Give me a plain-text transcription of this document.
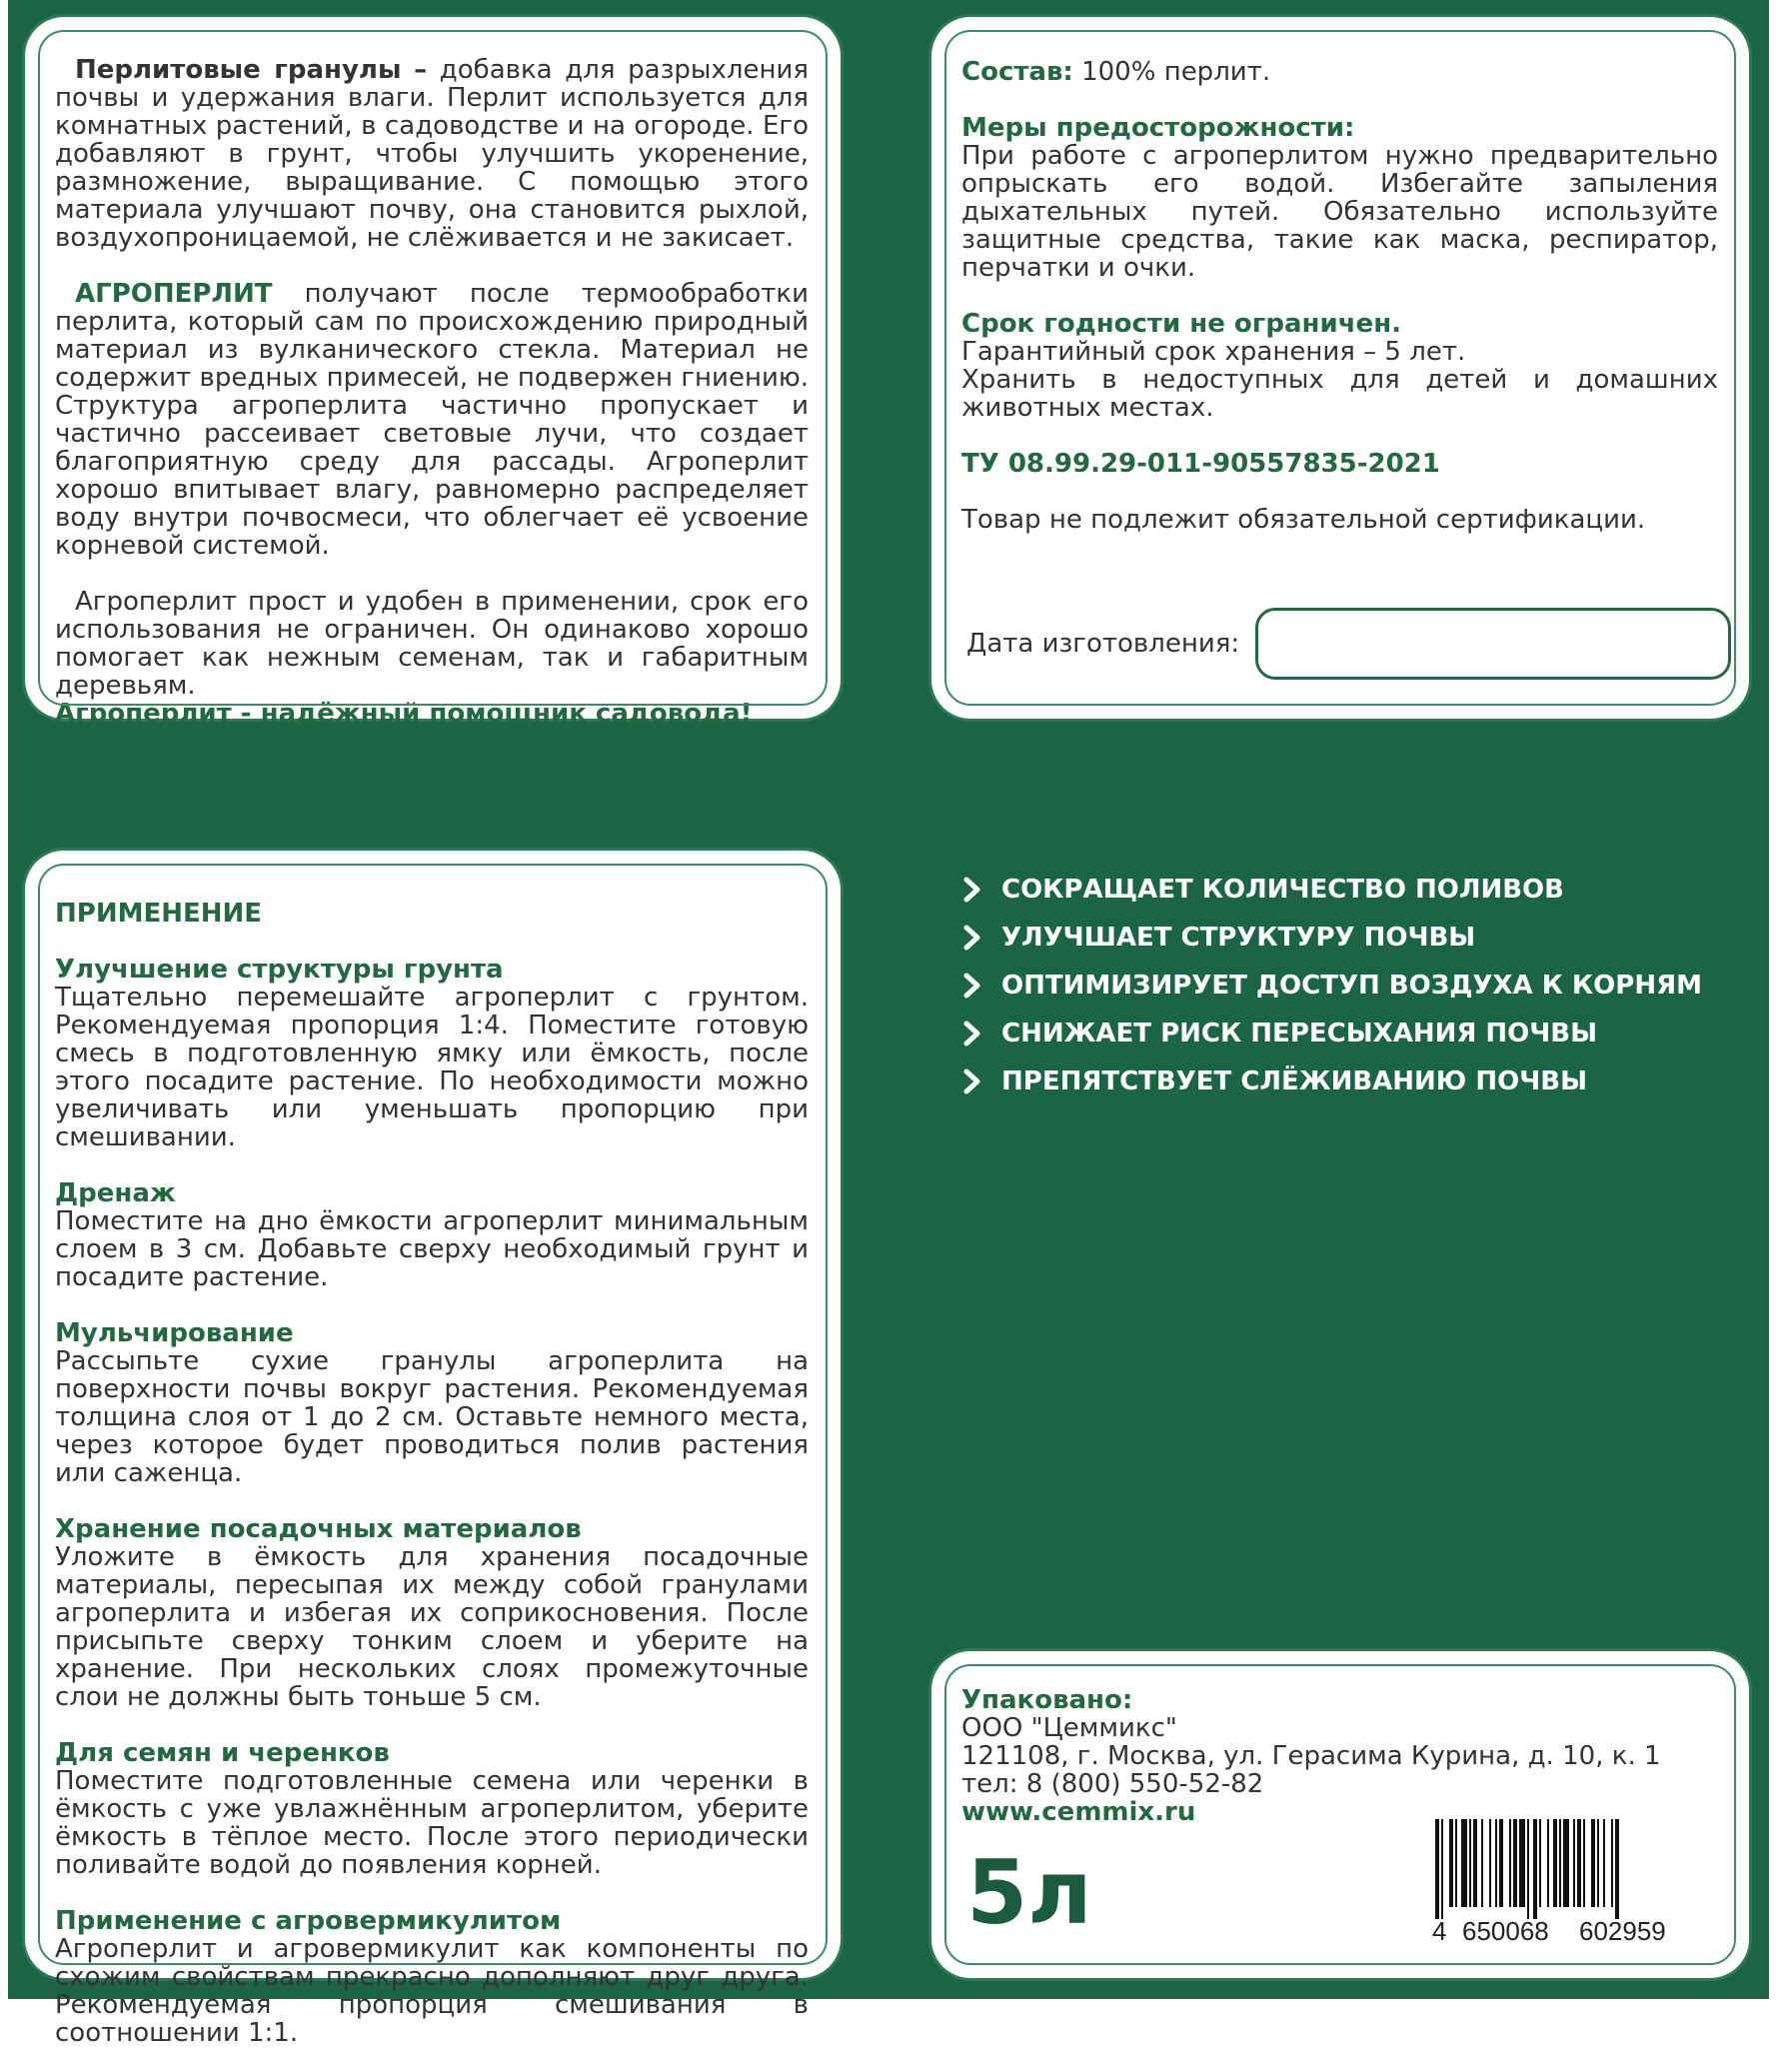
Перлитовые гранулы – добавка для разрыхления почвы и удержания влаги. Перлит используется для комнатных растений, в садоводстве и на огороде. Его добавляют в грунт, чтобы улучшить укоренение, размножение, выращивание. С помощью этого материала улучшают почву, она становится рыхлой, воздухопроницаемой, не слёживается и не закисает.

АГРОПЕРЛИТ получают после термообработки перлита, который сам по происхождению природный материал из вулканического стекла. Материал не содержит вредных примесей, не подвержен гниению. Структура агроперлита частично пропускает и частично рассеивает световые лучи, что создает благоприятную среду для рассады. Агроперлит хорошо впитывает влагу, равномерно распределяет воду внутри почвосмеси, что облегчает её усвоение корневой системой.

Агроперлит прост и удобен в применении, срок его использования не ограничен. Он одинаково хорошо помогает как нежным семенам, так и габаритным деревьям.

Агроперлит - надёжный помощник садовода!

Состав: 100% перлит.

Меры предосторожности:

При работе с агроперлитом нужно предварительно опрыскать его водой. Избегайте запыления дыхательных путей. Обязательно используйте защитные средства, такие как маска, респиратор, перчатки и очки.

Срок годности не ограничен.

Гарантийный срок хранения – 5 лет.

Хранить в недоступных для детей и домашних животных местах.

ТУ 08.99.29-011-90557835-2021

Товар не подлежит обязательной сертификации.

Дата изготовления:

ПРИМЕНЕНИЕ

Улучшение структуры грунта

Тщательно перемешайте агроперлит с грунтом. Рекомендуемая пропорция 1:4. Поместите готовую смесь в подготовленную ямку или ёмкость, после этого посадите растение. По необходимости можно увеличивать или уменьшать пропорцию при смешивании.

Дренаж

Поместите на дно ёмкости агроперлит минимальным слоем в 3 см. Добавьте сверху необходимый грунт и посадите растение.

Мульчирование

Рассыпьте сухие гранулы агроперлита на поверхности почвы вокруг растения. Рекомендуемая толщина слоя от 1 до 2 см. Оставьте немного места, через которое будет проводиться полив растения или саженца.

Хранение посадочных материалов

Уложите в ёмкость для хранения посадочные материалы, пересыпая их между собой гранулами агроперлита и избегая их соприкосновения. После присыпьте сверху тонким слоем и уберите на хранение. При нескольких слоях промежуточные слои не должны быть тоньше 5 см.

Для семян и черенков

Поместите подготовленные семена или черенки в ёмкость с уже увлажнённым агроперлитом, уберите ёмкость в тёплое место. После этого периодически поливайте водой до появления корней.

Применение с агровермикулитом

Агроперлит и агровермикулит как компоненты по схожим свойствам прекрасно дополняют друг друга. Рекомендуемая пропорция смешивания в соотношении 1:1.

СОКРАЩАЕТ КОЛИЧЕСТВО ПОЛИВОВ
УЛУЧШАЕТ СТРУКТУРУ ПОЧВЫ
ОПТИМИЗИРУЕТ ДОСТУП ВОЗДУХА К КОРНЯМ
СНИЖАЕТ РИСК ПЕРЕСЫХАНИЯ ПОЧВЫ
ПРЕПЯТСТВУЕТ СЛЁЖИВАНИЮ ПОЧВЫ

Упаковано:

ООО "Цеммикс"

121108, г. Москва, ул. Герасима Курина, д. 10, к. 1

тел: 8 (800) 550-52-82

www.cemmix.ru

5л	4 650068 602959
